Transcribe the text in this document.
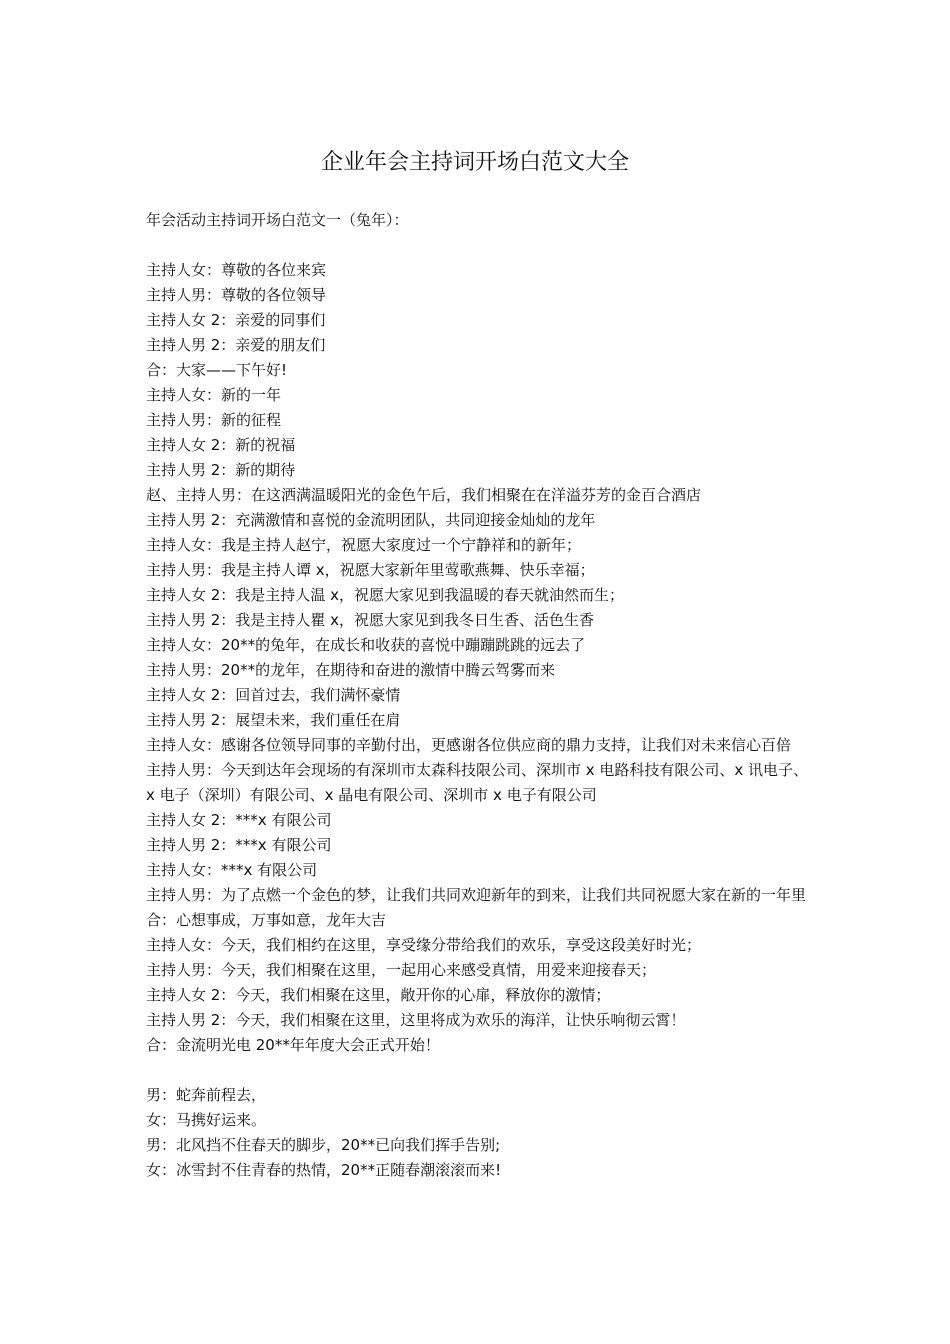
企业年会主持词开场白范文大全

年会活动主持词开场白范文一（兔年）：

主持人女：尊敬的各位来宾

主持人男：尊敬的各位领导

主持人女 2：亲爱的同事们

主持人男 2：亲爱的朋友们

合：大家——下午好!

主持人女：新的一年

主持人男：新的征程

主持人女 2：新的祝福

主持人男 2：新的期待

赵、主持人男：在这洒满温暖阳光的金色午后，我们相聚在在洋溢芬芳的金百合酒店

主持人男 2：充满激情和喜悦的金流明团队，共同迎接金灿灿的龙年

主持人女：我是主持人赵宁，祝愿大家度过一个宁静祥和的新年；

主持人男：我是主持人谭 x，祝愿大家新年里莺歌燕舞、快乐幸福；

主持人女 2：我是主持人温 x，祝愿大家见到我温暖的春天就油然而生；

主持人男 2：我是主持人瞿 x，祝愿大家见到我冬日生香、活色生香

主持人女：20**的兔年，在成长和收获的喜悦中蹦蹦跳跳的远去了

主持人男：20**的龙年，在期待和奋进的激情中腾云驾雾而来

主持人女 2：回首过去，我们满怀豪情

主持人男 2：展望未来，我们重任在肩

主持人女：感谢各位领导同事的辛勤付出，更感谢各位供应商的鼎力支持，让我们对未来信心百倍

主持人男：今天到达年会现场的有深圳市太森科技限公司、深圳市 x 电路科技有限公司、x 讯电子、x 电子（深圳）有限公司、x 晶电有限公司、深圳市 x 电子有限公司

主持人女 2：***x 有限公司

主持人男 2：***x 有限公司

主持人女：***x 有限公司

主持人男：为了点燃一个金色的梦，让我们共同欢迎新年的到来，让我们共同祝愿大家在新的一年里

合：心想事成，万事如意，龙年大吉

主持人女：今天，我们相约在这里，享受缘分带给我们的欢乐，享受这段美好时光；

主持人男：今天，我们相聚在这里，一起用心来感受真情，用爱来迎接春天；

主持人女 2：今天，我们相聚在这里，敞开你的心扉，释放你的激情；

主持人男 2：今天，我们相聚在这里，这里将成为欢乐的海洋，让快乐响彻云霄！

合：金流明光电 20**年年度大会正式开始！

男：蛇奔前程去，

女：马携好运来。

男：北风挡不住春天的脚步，20**已向我们挥手告别;

女：冰雪封不住青春的热情，20**正随春潮滚滚而来!
